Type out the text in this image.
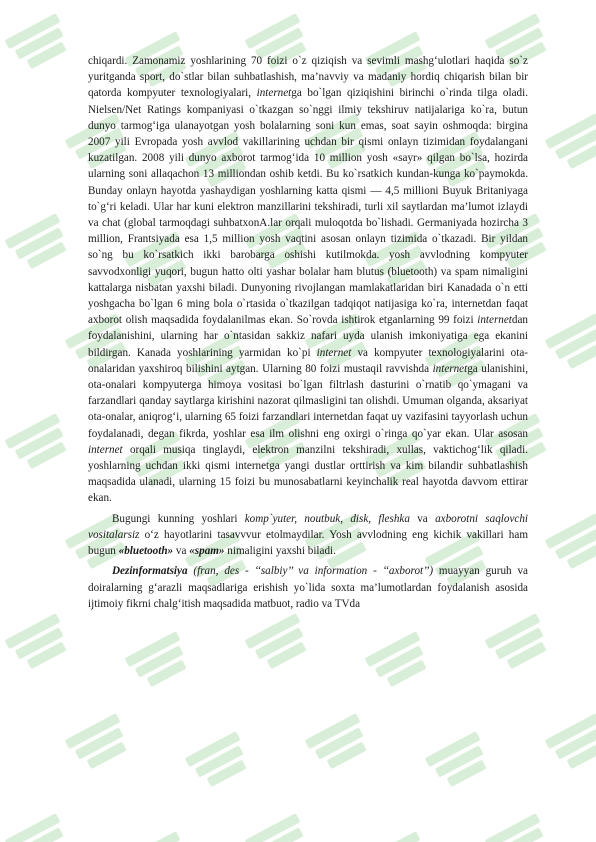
chiqardi. Zamonamiz yoshlarining 70 foizi o`z qiziqish va sevimli mashg‘ulotlari haqida so`z yuritganda sport, do`stlar bilan suhbatlashish, ma’navviy va madaniy hordiq chiqarish bilan bir qatorda kompyuter texnologiyalari, internetga bo`lgan qiziqishini birinchi o`rinda tilga oladi. Nielsen/Net Ratings kompaniyasi o`tkazgan so`nggi ilmiy tekshiruv natijalariga ko`ra, butun dunyo tarmog‘iga ulanayotgan yosh bolalarning soni kun emas, soat sayin oshmoqda: birgina 2007 yili Evropada yosh avvlod vakillarining uchdan bir qismi onlayn tizimidan foydalangani kuzatilgan. 2008 yili dunyo axborot tarmog‘ida 10 million yosh «sayr» qilgan bo`lsa, hozirda ularning soni allaqachon 13 milliondan oshib ketdi. Bu ko`rsatkich kundan-kunga ko`paymokda. Bunday onlayn hayotda yashaydigan yoshlarning katta qismi — 4,5 millioni Buyuk Britaniyaga to`g‘ri keladi. Ular har kuni elektron manzillarini tekshiradi, turli xil saytlardan ma’lumot izlaydi va chat (global tarmoqdagi suhbatxonA.lar orqali muloqotda bo`lishadi. Germaniyada hozircha 3 million, Frantsiyada esa 1,5 million yosh vaqtini asosan onlayn tizimida o`tkazadi. Bir yildan so`ng bu ko`rsatkich ikki barobarga oshishi kutilmokda. yosh avvlodning kompyuter savvodxonligi yuqori, bugun hatto olti yashar bolalar ham blutus (bluetooth) va spam nimaligini kattalarga nisbatan yaxshi biladi. Dunyoning rivojlangan mamlakatlaridan biri Kanadada o`n etti yoshgacha bo`lgan 6 ming bola o`rtasida o`tkazilgan tadqiqot natijasiga ko`ra, internetdan faqat axborot olish maqsadida foydalanilmas ekan. So`rovda ishtirok etganlarning 99 foizi internetdan foydalanishini, ularning har o`ntasidan sakkiz nafari uyda ulanish imkoniyatiga ega ekanini bildirgan. Kanada yoshlarining yarmidan ko`pi internet va kompyuter texnologiyalarini ota-onalaridan yaxshiroq bilishini aytgan. Ularning 80 foizi mustaqil ravvishda internetga ulanishini, ota-onalari kompyuterga himoya vositasi bo`lgan filtrlash dasturini o`rnatib qo`ymagani va farzandlari qanday saytlarga kirishini nazorat qilmasligini tan olishdi. Umuman olganda, aksariyat ota-onalar, aniqrog‘i, ularning 65 foizi farzandlari internetdan faqat uy vazifasini tayyorlash uchun foydalanadi, degan fikrda, yoshlar esa ilm olishni eng oxirgi o`ringa qo`yar ekan. Ular asosan internet orqali musiqa tinglaydi, elektron manzilni tekshiradi, xullas, vaktichog‘lik qiladi. yoshlarning uchdan ikki qismi internetga yangi dustlar orttirish va kim bilandir suhbatlashish maqsadida ulanadi, ularning 15 foizi bu munosabatlarni keyinchalik real hayotda davvom ettirar ekan.

Bugungi kunning yoshlari komp`yuter, noutbuk, disk, fleshka va axborotni saqlovchi vositalarsiz o‘z hayotlarini tasavvvur etolmaydilar. Yosh avvlodning eng kichik vakillari ham bugun «bluetooth» va «spam» nimaligini yaxshi biladi.

Dezinformatsiya (fran, des - ‘‘salbiy’’ va information - ‘‘axborot’’) muayyan guruh va doiralarning g‘arazli maqsadlariga erishish yo`lida soxta ma’lumotlardan foydalanish asosida ijtimoiy fikrni chalg‘itish maqsadida matbuot, radio va TVda
